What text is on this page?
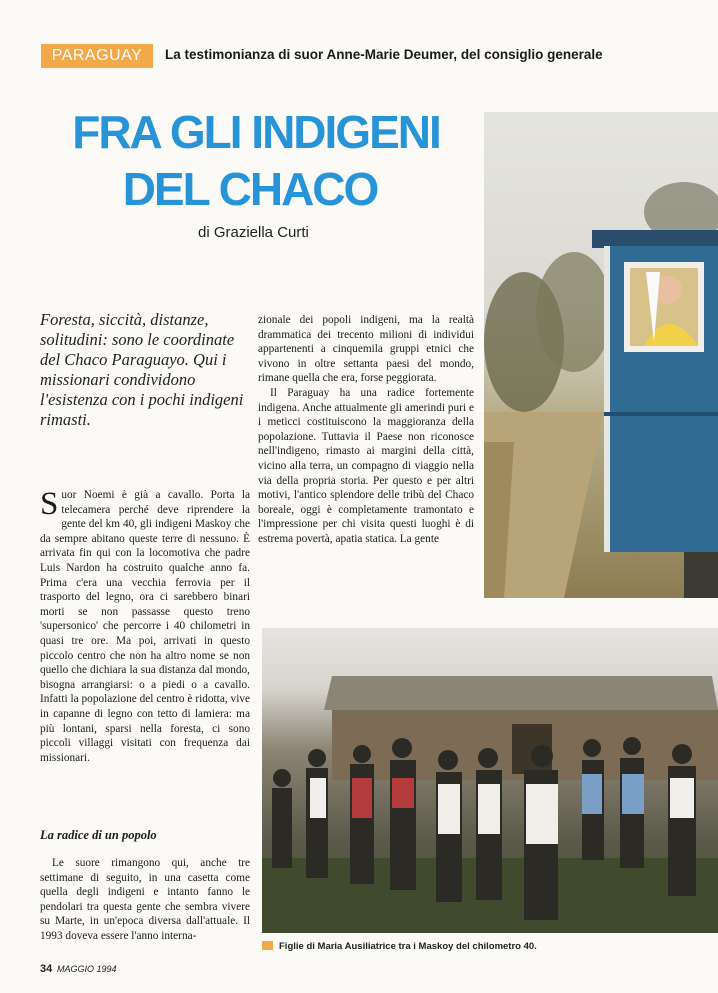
PARAGUAY	La testimonianza di suor Anne-Marie Deumer, del consiglio generale
FRA GLI INDIGENI
DEL CHACO
di Graziella Curti
Foresta, siccità, distanze, solitudini: sono le coordinate del Chaco Paraguayo. Qui i missionari condividono l'esistenza con i pochi indigeni rimasti.

Suor Noemi è già a cavallo. Porta la telecamera perché deve riprendere la gente del km 40, gli indigeni Maskoy che da sempre abitano queste terre di nessuno. È arrivata fin qui con la locomotiva che padre Luis Nardon ha costruito qualche anno fa. Prima c'era una vecchia ferrovia per il trasporto del legno, ora ci sarebbero binari morti se non passasse questo treno 'supersonico' che percorre i 40 chilometri in quasi tre ore. Ma poi, arrivati in questo piccolo centro che non ha altro nome se non quello che dichiara la sua distanza dal mondo, bisogna arrangiarsi: o a piedi o a cavallo. Infatti la popolazione del centro è ridotta, vive in capanne di legno con tetto di lamiera: ma più lontani, sparsi nella foresta, ci sono piccoli villaggi visitati con frequenza dai missionari.

La radice di un popolo

Le suore rimangono qui, anche tre settimane di seguito, in una casetta come quella degli indigeni e intanto fanno le pendolari tra questa gente che sembra vivere su Marte, in un'epoca diversa dall'attuale. Il 1993 doveva essere l'anno interna-

zionale dei popoli indigeni, ma la realtà drammatica dei trecento milioni di individui appartenenti a cinquemila gruppi etnici che vivono in oltre settanta paesi del mondo, rimane quella che era, forse peggiorata.

Il Paraguay ha una radice fortemente indigena. Anche attualmente gli amerindi puri e i meticci costituiscono la maggioranza della popolazione. Tuttavia il Paese non riconosce nell'indigeno, rimasto ai margini della città, vicino alla terra, un compagno di viaggio nella via della propria storia. Per questo e per altri motivi, l'antico splendore delle tribù del Chaco boreale, oggi è completamente tramontato e l'impressione per chi visita questi luoghi è di estrema povertà, apatia statica. La gente

Figlie di Maria Ausiliatrice tra i Maskoy del chilometro 40.
34 MAGGIO 1994
